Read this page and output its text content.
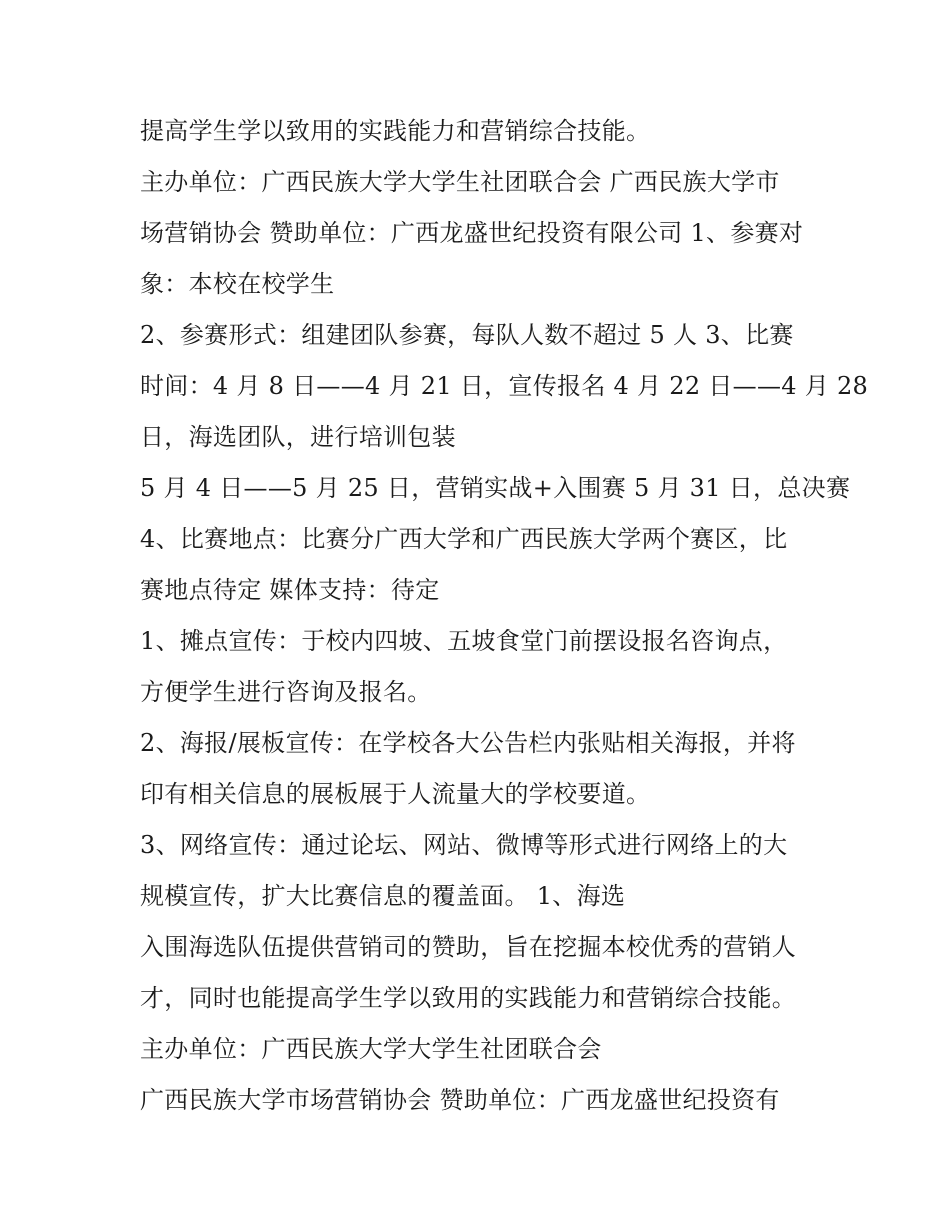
提高学生学以致用的实践能力和营销综合技能。
主办单位：广西民族大学大学生社团联合会 广西民族大学市
场营销协会 赞助单位：广西龙盛世纪投资有限公司 1、参赛对
象：本校在校学生
2、参赛形式：组建团队参赛，每队人数不超过 5 人 3、比赛
时间：4 月 8 日——4 月 21 日，宣传报名 4 月 22 日——4 月 28
日，海选团队，进行培训包装
5 月 4 日——5 月 25 日，营销实战+入围赛 5 月 31 日，总决赛
4、比赛地点：比赛分广西大学和广西民族大学两个赛区，比
赛地点待定 媒体支持：待定
1、摊点宣传：于校内四坡、五坡食堂门前摆设报名咨询点，
方便学生进行咨询及报名。
2、海报/展板宣传：在学校各大公告栏内张贴相关海报，并将
印有相关信息的展板展于人流量大的学校要道。
3、网络宣传：通过论坛、网站、微博等形式进行网络上的大
规模宣传，扩大比赛信息的覆盖面。 1、海选
入围海选队伍提供营销司的赞助，旨在挖掘本校优秀的营销人
才，同时也能提高学生学以致用的实践能力和营销综合技能。
主办单位：广西民族大学大学生社团联合会
广西民族大学市场营销协会 赞助单位：广西龙盛世纪投资有
